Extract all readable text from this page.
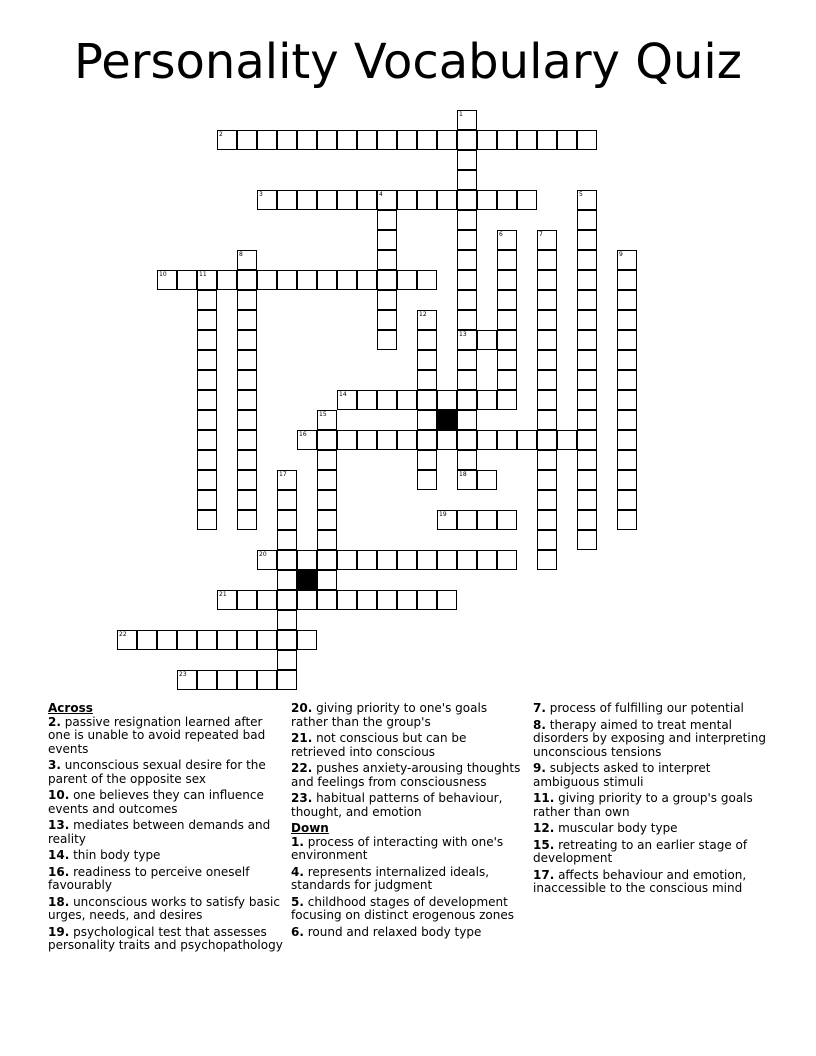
Personality Vocabulary Quiz
1
13
18
2
3	4	5
6	7
8	9
10	11
12
14
15
16
17
19
20
21
22
23

Across

2. passive resignation learned after one is unable to avoid repeated bad events

3. unconscious sexual desire for the parent of the opposite sex

10. one believes they can influence events and outcomes

13. mediates between demands and reality

14. thin body type

16. readiness to perceive oneself favourably

18. unconscious works to satisfy basic urges, needs, and desires

19. psychological test that assesses personality traits and psychopathology

20. giving priority to one's goals rather than the group's

21. not conscious but can be retrieved into conscious

22. pushes anxiety-arousing thoughts and feelings from consciousness

23. habitual patterns of behaviour, thought, and emotion

Down

1. process of interacting with one's environment

4. represents internalized ideals, standards for judgment

5. childhood stages of development focusing on distinct erogenous zones

6. round and relaxed body type

7. process of fulfilling our potential

8. therapy aimed to treat mental disorders by exposing and interpreting unconscious tensions

9. subjects asked to interpret ambiguous stimuli

11. giving priority to a group's goals rather than own

12. muscular body type

15. retreating to an earlier stage of development

17. affects behaviour and emotion, inaccessible to the conscious mind
